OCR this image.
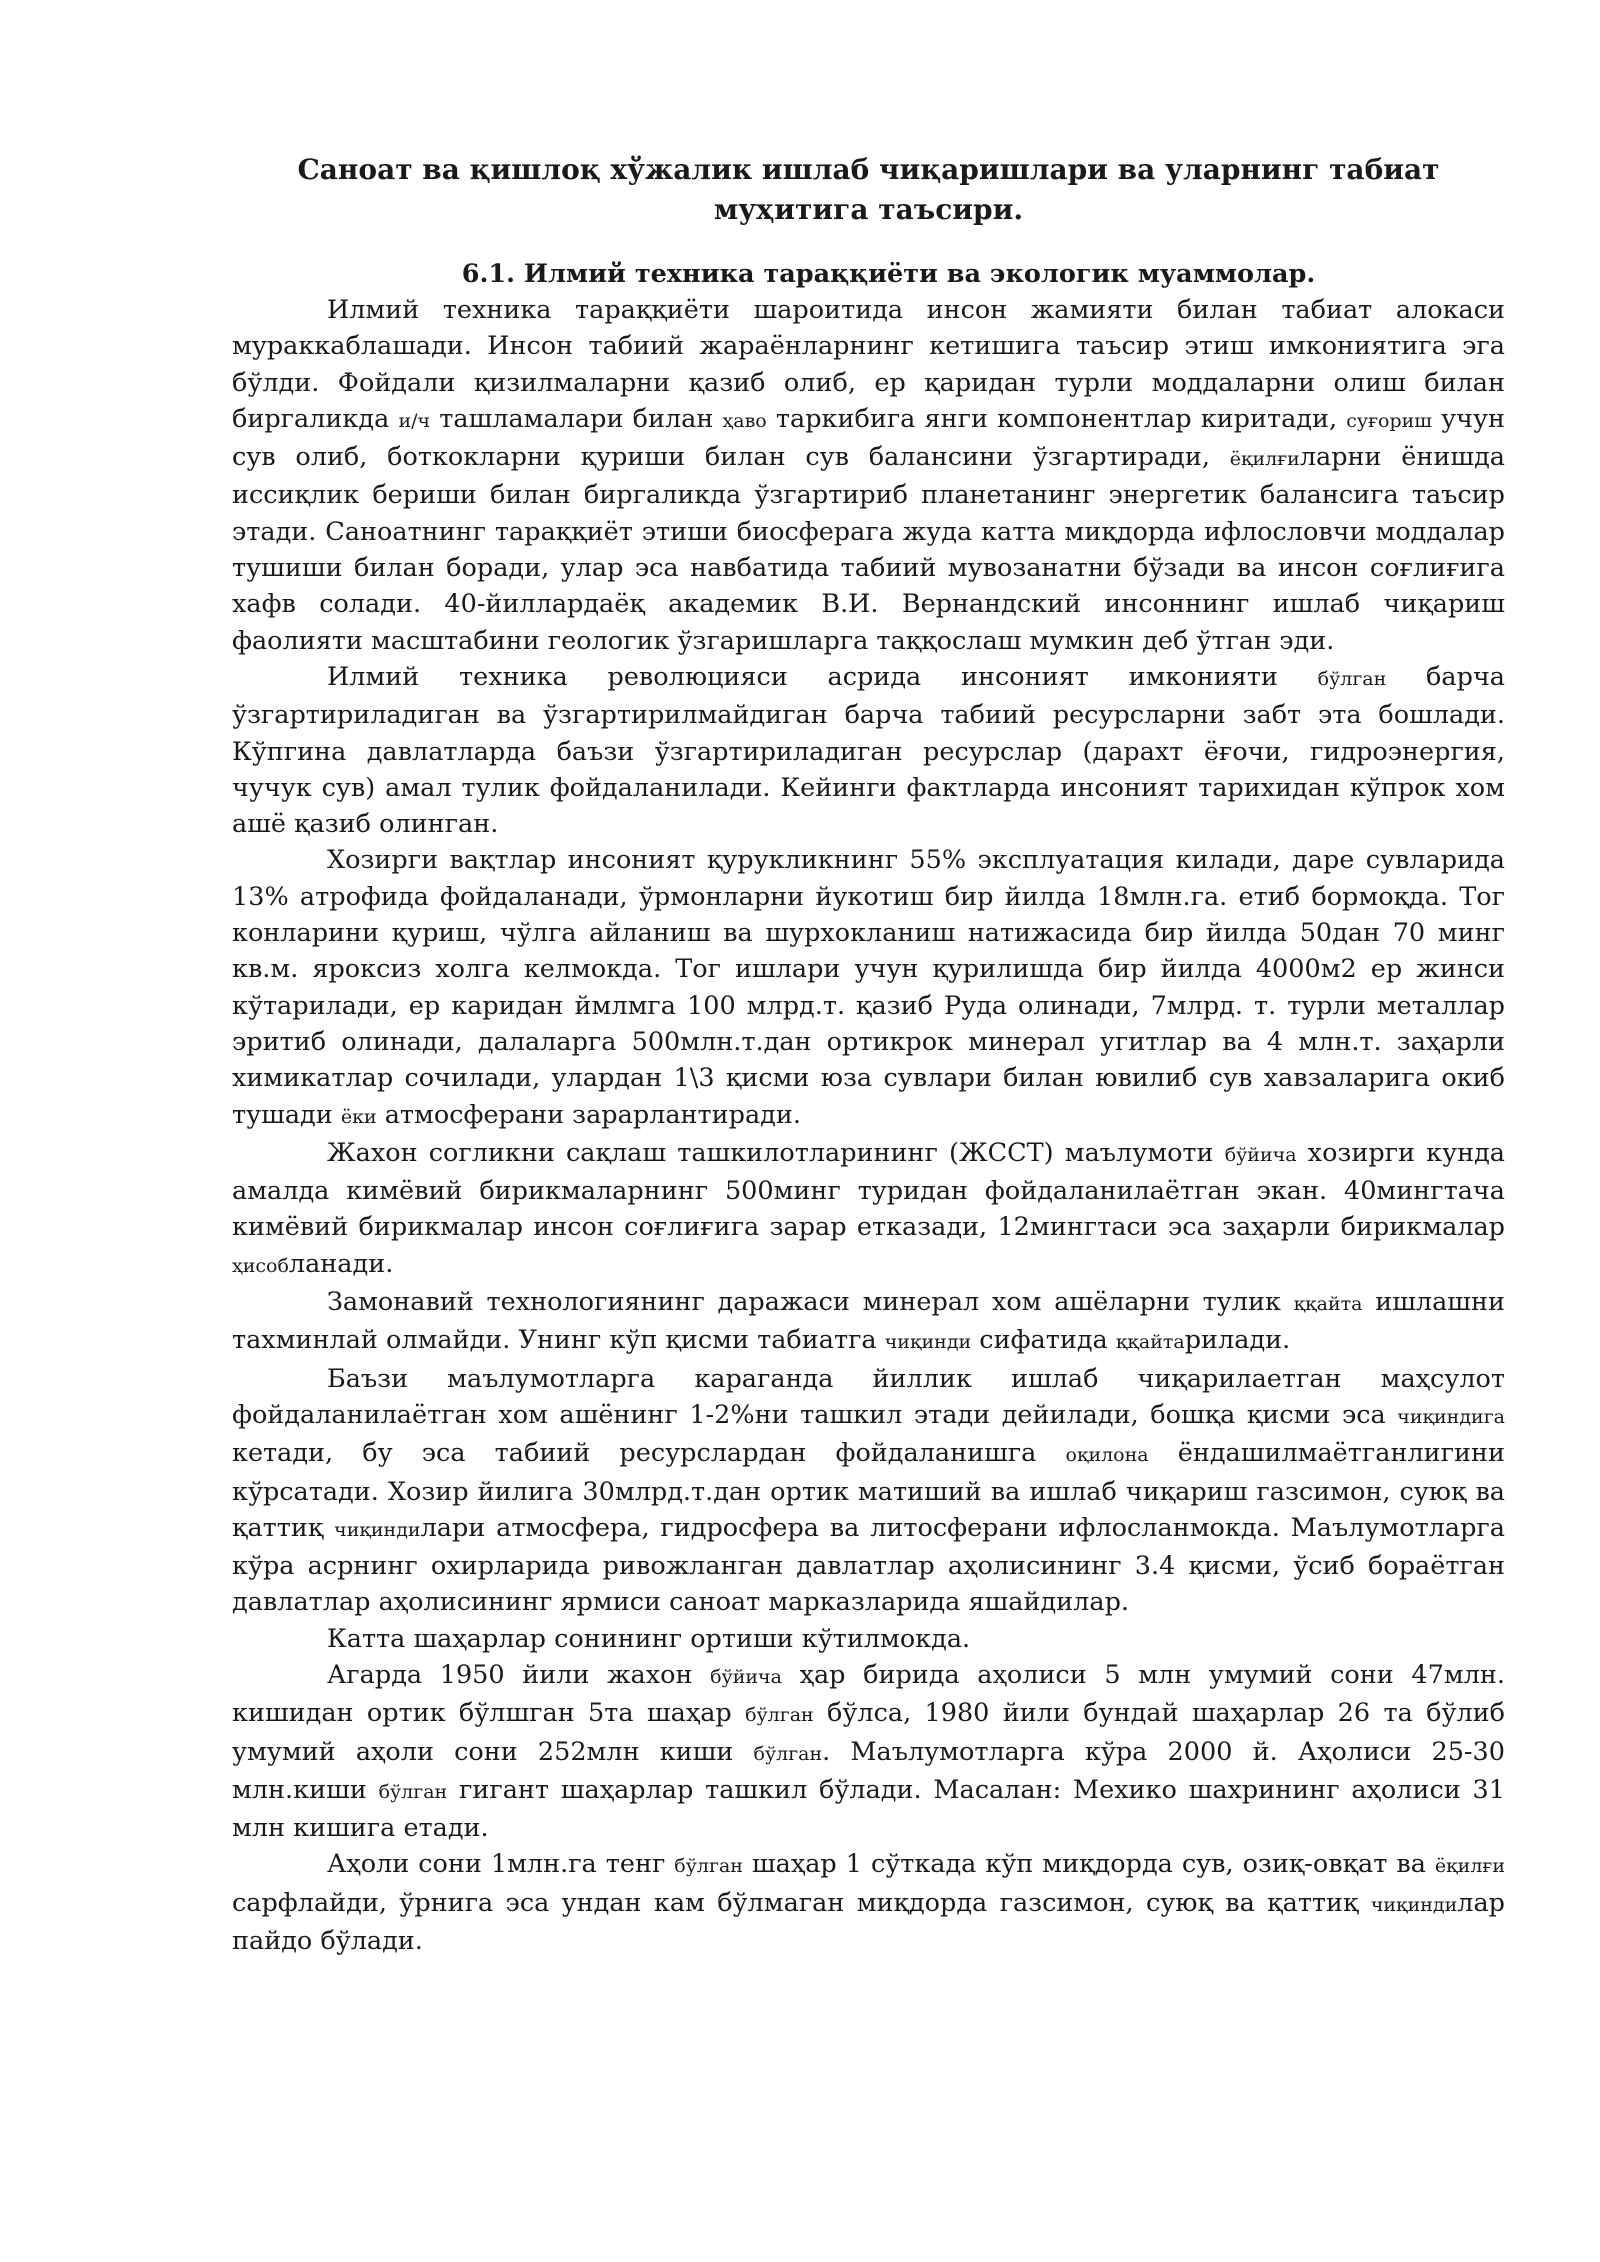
Саноат ва қишлоқ хўжалик ишлаб чиқаришлари ва уларнинг табиат муҳитига таъсири.
6.1. Илмий техника тараққиёти ва экологик муаммолар.

Илмий техника тараққиёти шароитида инсон жамияти билан табиат алокаси мураккаблашади. Инсон табиий жараёнларнинг кетишига таъсир этиш имкониятига эга бўлди. Фойдали қизилмаларни қазиб олиб, ер қаридан турли моддаларни олиш билан биргаликда и/ч ташламалари билан ҳаво таркибига янги компонентлар киритади, суғориш учун сув олиб, боткокларни қуриши билан сув балансини ўзгартиради, ёқилғиларни ёнишда иссиқлик бериши билан биргаликда ўзгартириб планетанинг энергетик балансига таъсир этади. Саноатнинг тараққиёт этиши биосферага жуда катта миқдорда ифлословчи моддалар тушиши билан боради, улар эса навбатида табиий мувозанатни бўзади ва инсон соғлиғига хафв солади. 40-йиллардаёқ академик В.И. Вернандский инсоннинг ишлаб чиқариш фаолияти масштабини геологик ўзгаришларга таққослаш мумкин деб ўтган эди.

Илмий техника революцияси асрида инсоният имконияти бўлган барча ўзгартириладиган ва ўзгартирилмайдиган барча табиий ресурсларни забт эта бошлади. Кўпгина давлатларда баъзи ўзгартириладиган ресурслар (дарахт ёғочи, гидроэнергия, чучук сув) амал тулик фойдаланилади. Кейинги фактларда инсоният тарихидан кўпрок хом ашё қазиб олинган.

Хозирги вақтлар инсоният қурукликнинг 55% эксплуатация килади, даре сувларида 13% атрофида фойдаланади, ўрмонларни йукотиш бир йилда 18млн.га. етиб бормоқда. Тог конларини қуриш, чўлга айланиш ва шурхокланиш натижасида бир йилда 50дан 70 минг кв.м. яроксиз холга келмокда. Тог ишлари учун қурилишда бир йилда 4000м2 ер жинси кўтарилади, ер каридан ймлмга 100 млрд.т. қазиб Руда олинади, 7млрд. т. турли металлар эритиб олинади, далаларга 500млн.т.дан ортикрок минерал угитлар ва 4 млн.т. заҳарли химикатлар сочилади, улардан 1\3 қисми юза сувлари билан ювилиб сув хавзаларига окиб тушади ёки атмосферани зарарлантиради.

Жахон согликни сақлаш ташкилотларининг (ЖССТ) маълумоти бўйича хозирги кунда амалда кимёвий бирикмаларнинг 500минг туридан фойдаланилаётган экан. 40мингтача кимёвий бирикмалар инсон соғлиғига зарар етказади, 12мингтаси эса заҳарли бирикмалар ҳисобланади.

Замонавий технологиянинг даражаси минерал хом ашёларни тулик ққайта ишлашни тахминлай олмайди. Унинг кўп қисми табиатга чиқинди сифатида ққайтарилади.

Баъзи маълумотларга караганда йиллик ишлаб чиқарилаетган маҳсулот фойдаланилаётган хом ашёнинг 1-2%ни ташкил этади дейилади, бошқа қисми эса чиқиндига кетади, бу эса табиий ресурслардан фойдаланишга оқилона ёндашилмаётганлигини кўрсатади. Хозир йилига 30млрд.т.дан ортик матиший ва ишлаб чиқариш газсимон, суюқ ва қаттиқ чиқиндилари атмосфера, гидросфера ва литосферани ифлосланмокда. Маълумотларга кўра асрнинг охирларида ривожланган давлатлар аҳолисининг 3.4 қисми, ўсиб бораётган давлатлар аҳолисининг ярмиси саноат марказларида яшайдилар.

Катта шаҳарлар сонининг ортиши кўтилмокда.

Агарда 1950 йили жахон бўйича ҳар бирида аҳолиси 5 млн умумий сони 47млн. кишидан ортик бўлшган 5та шаҳар бўлган бўлса, 1980 йили бундай шаҳарлар 26 та бўлиб умумий аҳоли сони 252млн киши бўлган. Маълумотларга кўра 2000 й. Аҳолиси 25-30 млн.киши бўлган гигант шаҳарлар ташкил бўлади. Масалан: Мехико шахрининг аҳолиси 31 млн кишига етади.

Аҳоли сони 1млн.га тенг бўлган шаҳар 1 сўткада кўп миқдорда сув, озиқ-овқат ва ёқилғи сарфлайди, ўрнига эса ундан кам бўлмаган миқдорда газсимон, суюқ ва қаттиқ чиқиндилар пайдо бўлади.
